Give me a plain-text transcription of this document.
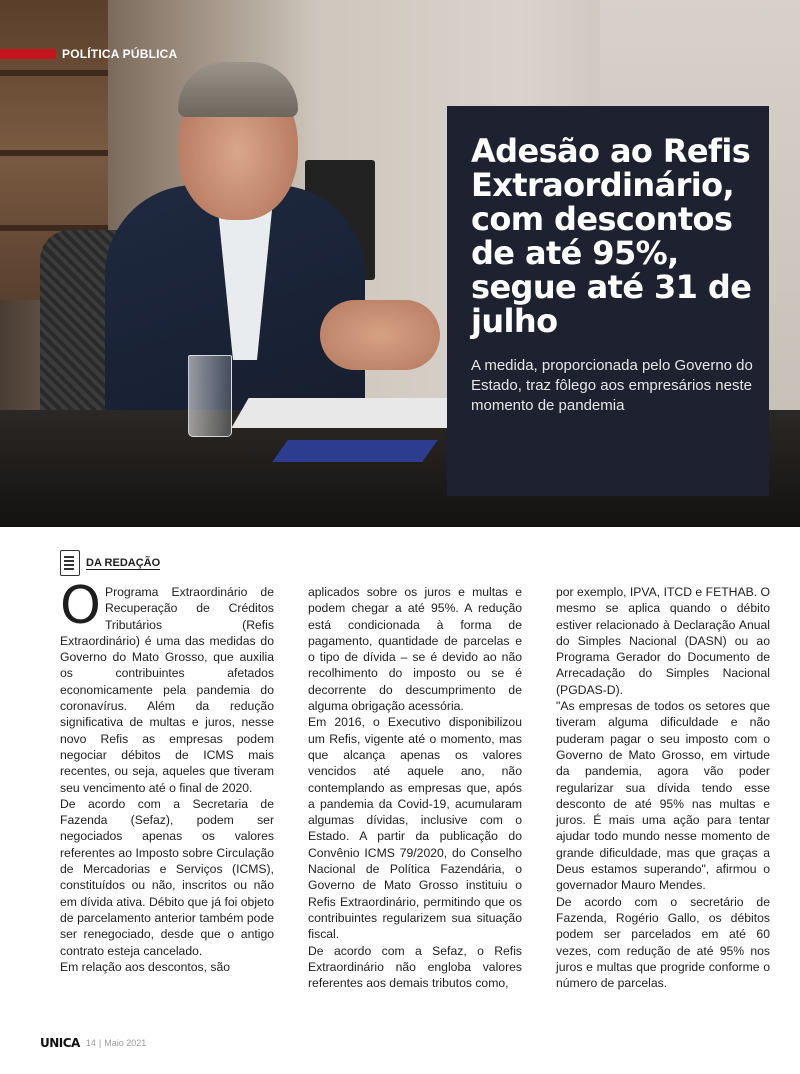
POLÍTICA PÚBLICA
Adesão ao Refis Extraordinário, com descontos de até 95%, segue até 31 de julho

A medida, proporcionada pelo Governo do Estado, traz fôlego aos empresários neste momento de pandemia

DA REDAÇÃO

O Programa Extraordinário de Recuperação de Créditos Tributários (Refis Extraordinário) é uma das medidas do Governo do Mato Grosso, que auxilia os contribuintes afetados economicamente pela pandemia do coronavírus. Além da redução significativa de multas e juros, nesse novo Refis as empresas podem negociar débitos de ICMS mais recentes, ou seja, aqueles que tiveram seu vencimento até o final de 2020.

De acordo com a Secretaria de Fazenda (Sefaz), podem ser negociados apenas os valores referentes ao Imposto sobre Circulação de Mercadorias e Serviços (ICMS), constituídos ou não, inscritos ou não em dívida ativa. Débito que já foi objeto de parcelamento anterior também pode ser renegociado, desde que o antigo contrato esteja cancelado.

Em relação aos descontos, são

aplicados sobre os juros e multas e podem chegar a até 95%. A redução está condicionada à forma de pagamento, quantidade de parcelas e o tipo de dívida – se é devido ao não recolhimento do imposto ou se é decorrente do descumprimento de alguma obrigação acessória.

Em 2016, o Executivo disponibilizou um Refis, vigente até o momento, mas que alcança apenas os valores vencidos até aquele ano, não contemplando as empresas que, após a pandemia da Covid-19, acumularam algumas dívidas, inclusive com o Estado. A partir da publicação do Convênio ICMS 79/2020, do Conselho Nacional de Política Fazendária, o Governo de Mato Grosso instituiu o Refis Extraordinário, permitindo que os contribuintes regularizem sua situação fiscal.

De acordo com a Sefaz, o Refis Extraordinário não engloba valores referentes aos demais tributos como,

por exemplo, IPVA, ITCD e FETHAB. O mesmo se aplica quando o débito estiver relacionado à Declaração Anual do Simples Nacional (DASN) ou ao Programa Gerador do Documento de Arrecadação do Simples Nacional (PGDAS-D).

"As empresas de todos os setores que tiveram alguma dificuldade e não puderam pagar o seu imposto com o Governo de Mato Grosso, em virtude da pandemia, agora vão poder regularizar sua dívida tendo esse desconto de até 95% nas multas e juros. É mais uma ação para tentar ajudar todo mundo nesse momento de grande dificuldade, mas que graças a Deus estamos superando", afirmou o governador Mauro Mendes.

De acordo com o secretário de Fazenda, Rogério Gallo, os débitos podem ser parcelados em até 60 vezes, com redução de até 95% nos juros e multas que progride conforme o número de parcelas.

UNICA 14 | Maio 2021
